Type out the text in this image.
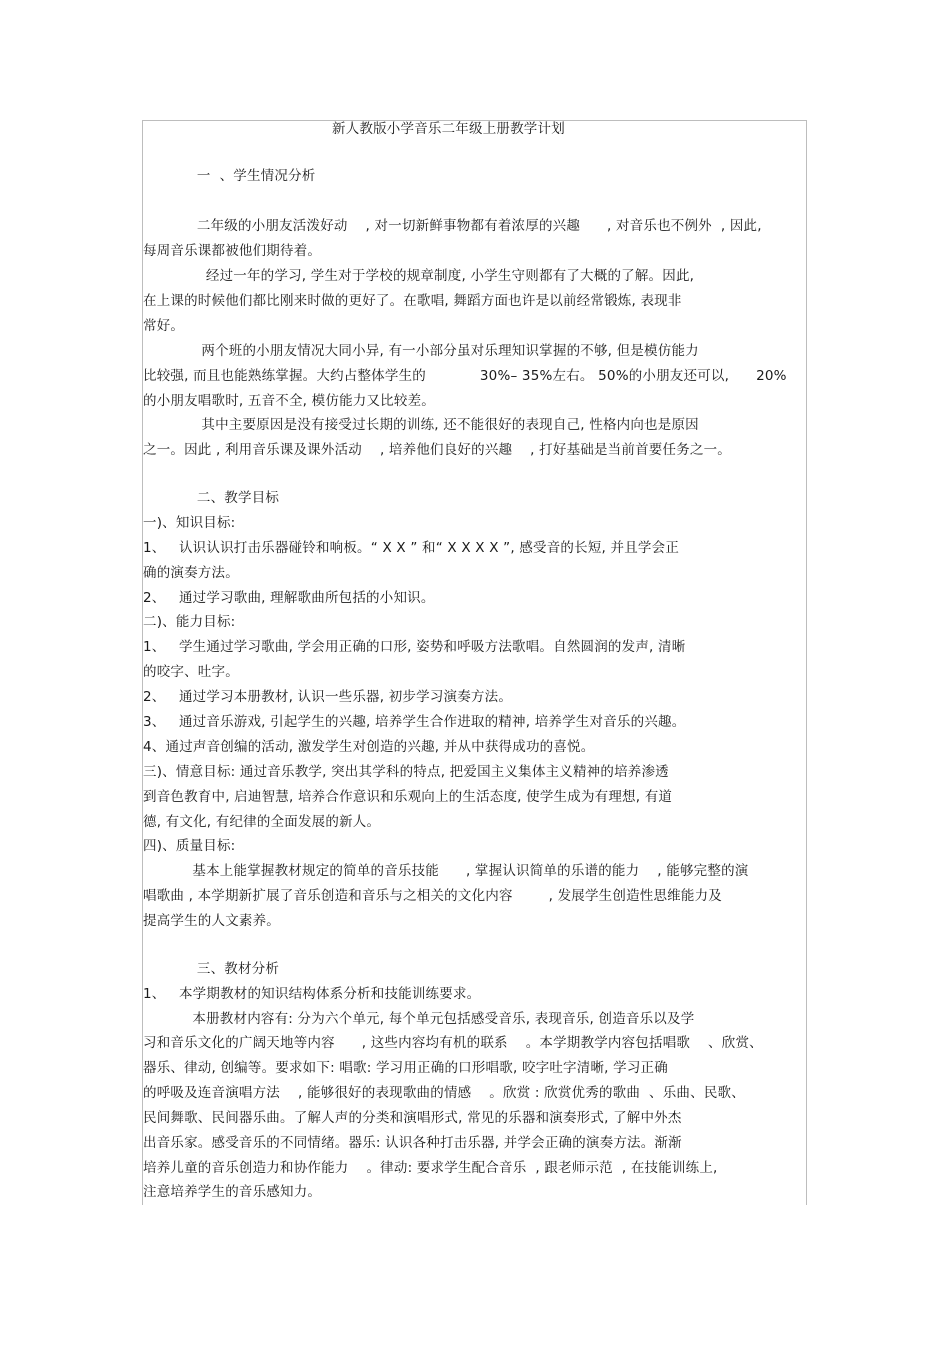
新人教版小学音乐二年级上册教学计划
一  、学生情况分析
二年级的小朋友活泼好动    , 对一切新鲜事物都有着浓厚的兴趣      , 对音乐也不例外  , 因此,
每周音乐课都被他们期待着。
经过一年的学习, 学生对于学校的规章制度, 小学生守则都有了大概的了解。因此,
在上课的时候他们都比刚来时做的更好了。在歌唱, 舞蹈方面也许是以前经常锻炼, 表现非
常好。
两个班的小朋友情况大同小异, 有一小部分虽对乐理知识掌握的不够, 但是模仿能力
比较强, 而且也能熟练掌握。大约占整体学生的            30%– 35%左右。 50%的小朋友还可以,      20%
的小朋友唱歌时, 五音不全, 模仿能力又比较差。
其中主要原因是没有接受过长期的训练, 还不能很好的表现自己, 性格内向也是原因
之一。因此 , 利用音乐课及课外活动    , 培养他们良好的兴趣    , 打好基础是当前首要任务之一。
二、教学目标
一)、知识目标:
1、   认识认识打击乐器碰铃和响板。“ X X ” 和“ X X X X ”, 感受音的长短, 并且学会正
确的演奏方法。
2、   通过学习歌曲, 理解歌曲所包括的小知识。
二)、能力目标:
1、   学生通过学习歌曲, 学会用正确的口形, 姿势和呼吸方法歌唱。自然圆润的发声, 清晰
的咬字、吐字。
2、   通过学习本册教材, 认识一些乐器, 初步学习演奏方法。
3、   通过音乐游戏, 引起学生的兴趣, 培养学生合作进取的精神, 培养学生对音乐的兴趣。
4、通过声音创编的活动, 激发学生对创造的兴趣, 并从中获得成功的喜悦。
三)、情意目标: 通过音乐教学, 突出其学科的特点, 把爱国主义集体主义精神的培养渗透
到音色教育中, 启迪智慧, 培养合作意识和乐观向上的生活态度, 使学生成为有理想, 有道
德, 有文化, 有纪律的全面发展的新人。
四)、质量目标:
基本上能掌握教材规定的简单的音乐技能      , 掌握认识简单的乐谱的能力    , 能够完整的演
唱歌曲 , 本学期新扩展了音乐创造和音乐与之相关的文化内容        , 发展学生创造性思维能力及
提高学生的人文素养。
三、教材分析
1、   本学期教材的知识结构体系分析和技能训练要求。
本册教材内容有: 分为六个单元, 每个单元包括感受音乐, 表现音乐, 创造音乐以及学
习和音乐文化的广阔天地等内容      , 这些内容均有机的联系    。本学期教学内容包括唱歌    、欣赏、
器乐、律动, 创编等。要求如下: 唱歌: 学习用正确的口形唱歌, 咬字吐字清晰, 学习正确
的呼吸及连音演唱方法    , 能够很好的表现歌曲的情感    。欣赏 : 欣赏优秀的歌曲  、乐曲、民歌、
民间舞歌、民间器乐曲。了解人声的分类和演唱形式, 常见的乐器和演奏形式, 了解中外杰
出音乐家。感受音乐的不同情绪。器乐: 认识各种打击乐器, 并学会正确的演奏方法。渐渐
培养儿童的音乐创造力和协作能力    。律动: 要求学生配合音乐  , 跟老师示范  , 在技能训练上,
注意培养学生的音乐感知力。
